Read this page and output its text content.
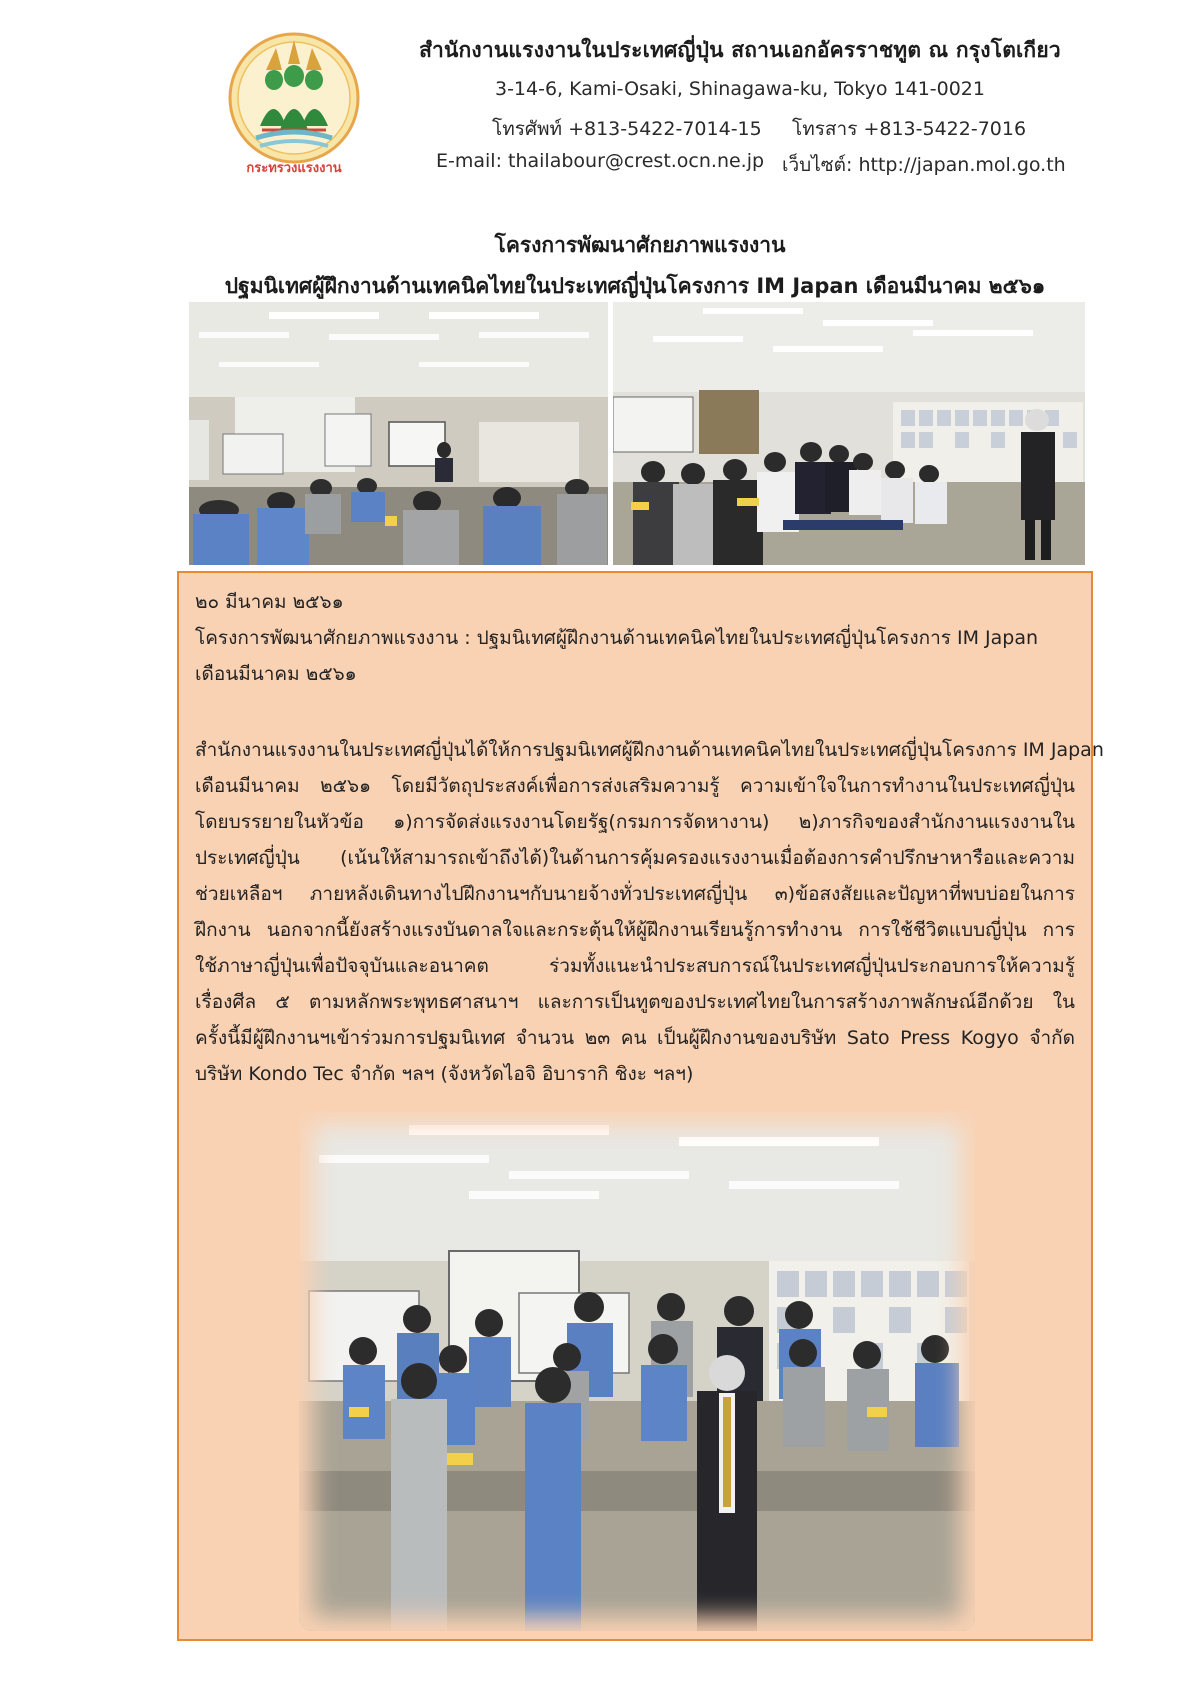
กระทรวงแรงงาน
สำนักงานแรงงานในประเทศญี่ปุ่น สถานเอกอัครราชทูต ณ กรุงโตเกียว
3-14-6, Kami-Osaki, Shinagawa-ku, Tokyo 141-0021
โทรศัพท์ +813-5422-7014-15 โทรสาร +813-5422-7016
E-mail: thailabour@crest.ocn.ne.jp เว็บไซต์: http://japan.mol.go.th
โครงการพัฒนาศักยภาพแรงงาน
ปฐมนิเทศผู้ฝึกงานด้านเทคนิคไทยในประเทศญี่ปุ่นโครงการ IM Japan เดือนมีนาคม ๒๕๖๑
๒๐ มีนาคม ๒๕๖๑
โครงการพัฒนาศักยภาพแรงงาน : ปฐมนิเทศผู้ฝึกงานด้านเทคนิคไทยในประเทศญี่ปุ่นโครงการ IM Japan
เดือนมีนาคม ๒๕๖๑
สำนักงานแรงงานในประเทศญี่ปุ่นได้ให้การปฐมนิเทศผู้ฝึกงานด้านเทคนิคไทยในประเทศญี่ปุ่นโครงการ IM Japan
เดือนมีนาคม ๒๕๖๑ โดยมีวัตถุประสงค์เพื่อการส่งเสริมความรู้ ความเข้าใจในการทำงานในประเทศญี่ปุ่น
โดยบรรยายในหัวข้อ ๑)การจัดส่งแรงงานโดยรัฐ(กรมการจัดหางาน) ๒)ภารกิจของสำนักงานแรงงานใน
ประเทศญี่ปุ่น (เน้นให้สามารถเข้าถึงได้)ในด้านการคุ้มครองแรงงานเมื่อต้องการคำปรึกษาหารือและความ
ช่วยเหลือฯ ภายหลังเดินทางไปฝึกงานฯกับนายจ้างทั่วประเทศญี่ปุ่น ๓)ข้อสงสัยและปัญหาที่พบบ่อยในการ
ฝึกงาน นอกจากนี้ยังสร้างแรงบันดาลใจและกระตุ้นให้ผู้ฝึกงานเรียนรู้การทำงาน การใช้ชีวิตแบบญี่ปุ่น การ
ใช้ภาษาญี่ปุ่นเพื่อปัจจุบันและอนาคต ร่วมทั้งแนะนำประสบการณ์ในประเทศญี่ปุ่นประกอบการให้ความรู้
เรื่องศีล ๕ ตามหลักพระพุทธศาสนาฯ และการเป็นทูตของประเทศไทยในการสร้างภาพลักษณ์อีกด้วย ใน
ครั้งนี้มีผู้ฝึกงานฯเข้าร่วมการปฐมนิเทศ จำนวน ๒๓ คน เป็นผู้ฝึกงานของบริษัท Sato Press Kogyo จำกัด
บริษัท Kondo Tec จำกัด ฯลฯ (จังหวัดไอจิ อิบารากิ ชิงะ ฯลฯ)
